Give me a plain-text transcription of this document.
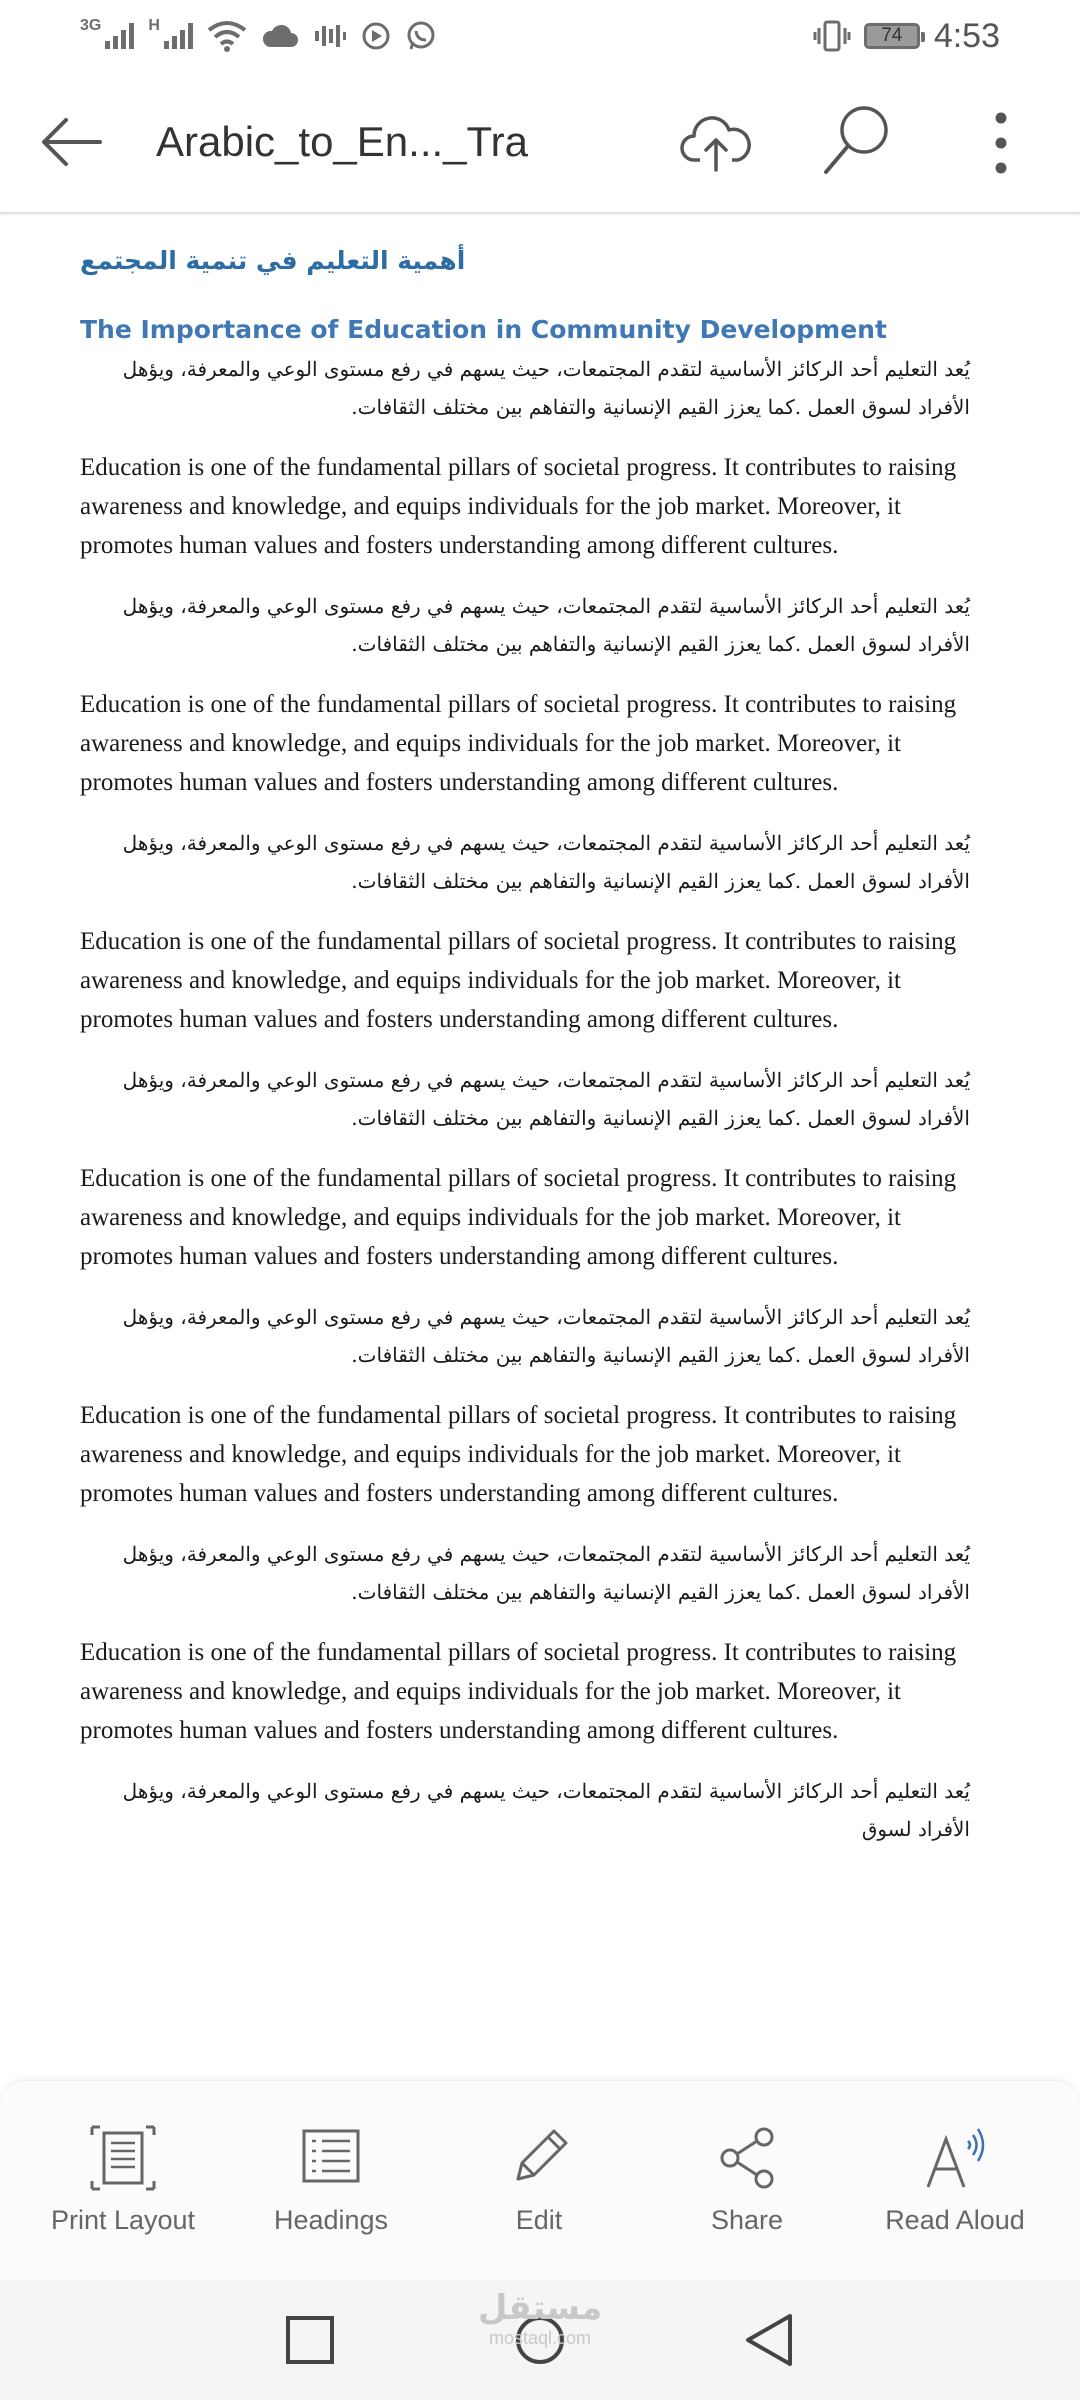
3G	H	74 4:53
Arabic_to_En..._Tra
أهمية التعليم في تنمية المجتمع
The Importance of Education in Community Development

يُعد التعليم أحد الركائز الأساسية لتقدم المجتمعات، حيث يسهم في رفع مستوى الوعي والمعرفة، ويؤهل الأفراد لسوق العمل .كما يعزز القيم الإنسانية والتفاهم بين مختلف الثقافات.

Education is one of the fundamental pillars of societal progress. It contributes to raising awareness and knowledge, and equips individuals for the job market. Moreover, it promotes human values and fosters understanding among different cultures.

يُعد التعليم أحد الركائز الأساسية لتقدم المجتمعات، حيث يسهم في رفع مستوى الوعي والمعرفة، ويؤهل الأفراد لسوق العمل .كما يعزز القيم الإنسانية والتفاهم بين مختلف الثقافات.

Education is one of the fundamental pillars of societal progress. It contributes to raising awareness and knowledge, and equips individuals for the job market. Moreover, it promotes human values and fosters understanding among different cultures.

يُعد التعليم أحد الركائز الأساسية لتقدم المجتمعات، حيث يسهم في رفع مستوى الوعي والمعرفة، ويؤهل الأفراد لسوق العمل .كما يعزز القيم الإنسانية والتفاهم بين مختلف الثقافات.

Education is one of the fundamental pillars of societal progress. It contributes to raising awareness and knowledge, and equips individuals for the job market. Moreover, it promotes human values and fosters understanding among different cultures.

يُعد التعليم أحد الركائز الأساسية لتقدم المجتمعات، حيث يسهم في رفع مستوى الوعي والمعرفة، ويؤهل الأفراد لسوق العمل .كما يعزز القيم الإنسانية والتفاهم بين مختلف الثقافات.

Education is one of the fundamental pillars of societal progress. It contributes to raising awareness and knowledge, and equips individuals for the job market. Moreover, it promotes human values and fosters understanding among different cultures.

يُعد التعليم أحد الركائز الأساسية لتقدم المجتمعات، حيث يسهم في رفع مستوى الوعي والمعرفة، ويؤهل الأفراد لسوق العمل .كما يعزز القيم الإنسانية والتفاهم بين مختلف الثقافات.

Education is one of the fundamental pillars of societal progress. It contributes to raising awareness and knowledge, and equips individuals for the job market. Moreover, it promotes human values and fosters understanding among different cultures.

يُعد التعليم أحد الركائز الأساسية لتقدم المجتمعات، حيث يسهم في رفع مستوى الوعي والمعرفة، ويؤهل الأفراد لسوق العمل .كما يعزز القيم الإنسانية والتفاهم بين مختلف الثقافات.

Education is one of the fundamental pillars of societal progress. It contributes to raising awareness and knowledge, and equips individuals for the job market. Moreover, it promotes human values and fosters understanding among different cultures.

يُعد التعليم أحد الركائز الأساسية لتقدم المجتمعات، حيث يسهم في رفع مستوى الوعي والمعرفة، ويؤهل الأفراد لسوق

Print Layout	Headings	Edit	Share	Read Aloud
مستقل
mostaql.com
